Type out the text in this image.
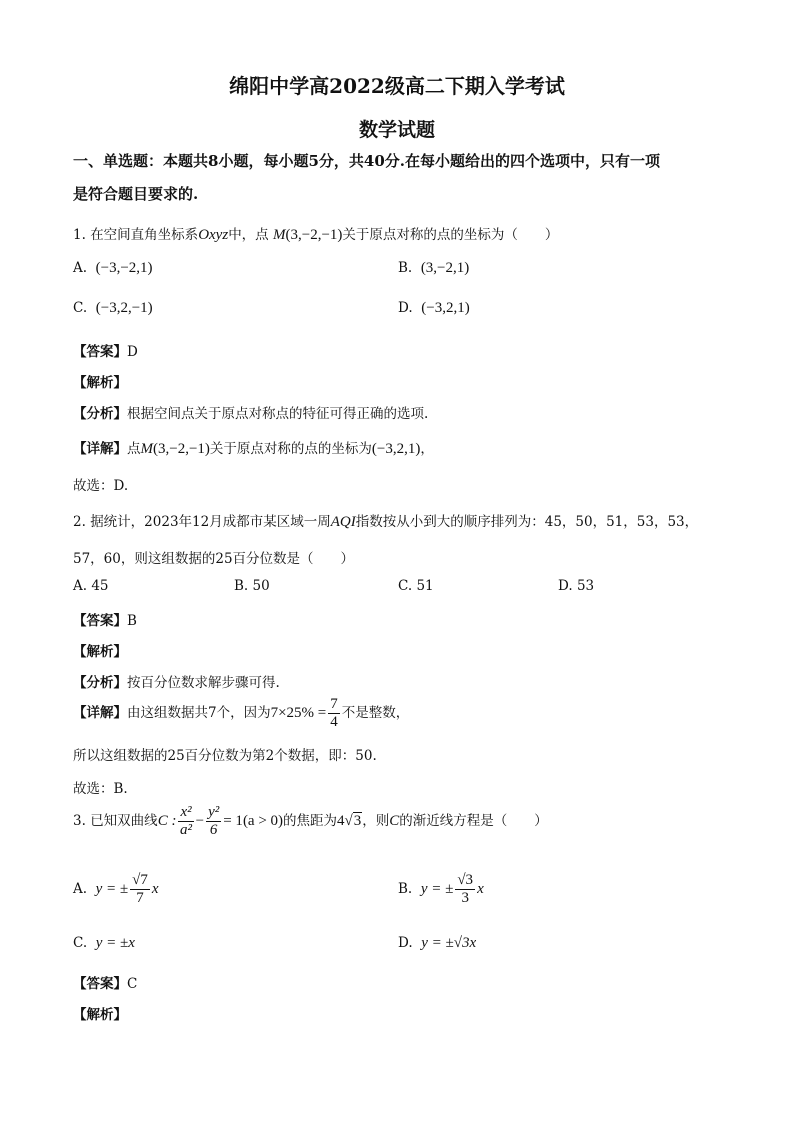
绵阳中学高2022级高二下期入学考试
数学试题
一、单选题：本题共8小题，每小题5分，共40分.在每小题给出的四个选项中，只有一项
是符合题目要求的.
1. 在空间直角坐标系Oxyz中，点 M(3,−2,−1)关于原点对称的点的坐标为（　　）
A. (−3,−2,1)	B. (3,−2,1)
C. (−3,2,−1)	D. (−3,2,1)
【答案】D
【解析】
【分析】根据空间点关于原点对称点的特征可得正确的选项.
【详解】点M(3,−2,−1)关于原点对称的点的坐标为(−3,2,1)，
故选：D.
2. 据统计，2023年12月成都市某区域一周AQI指数按从小到大的顺序排列为：45，50，51，53，53，
57，60，则这组数据的25百分位数是（　　）
A. 45	B. 50	C. 51	D. 53
【答案】B
【解析】
【分析】按百分位数求解步骤可得.
【详解】由这组数据共7个，因为$7\times 25\% = \frac{7}{4}$ 不是整数，
所以这组数据的25百分位数为第2个数据，即：50.
故选：B.
3. 已知双曲线C : $\frac{\text{x²}}{\text{a²}} - \frac{\text{y²}}{6} = 1(a > 0)$的焦距为4√3，则C的渐近线方程是（　　）
A. y = ± $\frac{√7}{7}$ x	B. y = ± $\frac{√3}{3}$ x
C. y = ±x	D. y = ±√3x
【答案】C
【解析】
